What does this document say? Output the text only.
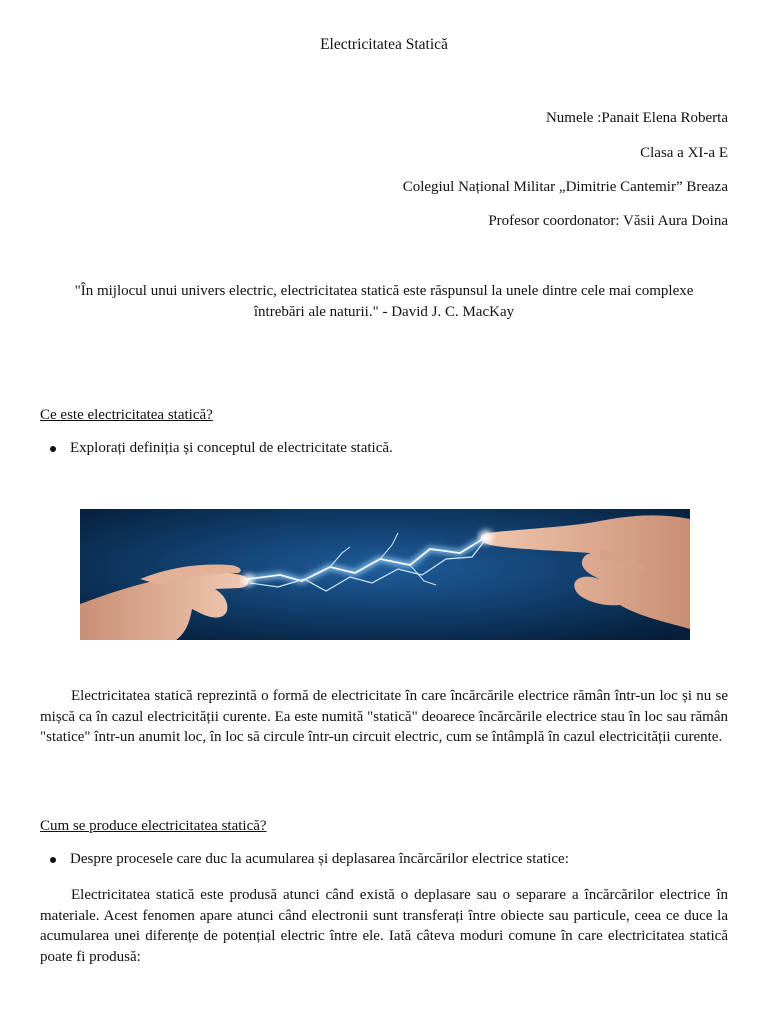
Electricitatea Statică
Numele :Panait Elena Roberta
Clasa a XI-a E
Colegiul Național Militar „Dimitrie Cantemir” Breaza
Profesor coordonator: Văsii Aura Doina
"În mijlocul unui univers electric, electricitatea statică este răspunsul la unele dintre cele mai complexe
întrebări ale naturii." - David J. C. MacKay
Ce este electricitatea statică?
Explorați definiția și conceptul de electricitate statică.
Electricitatea statică reprezintă o formă de electricitate în care încărcările electrice rămân într-un loc și nu se mișcă ca în cazul electricității curente. Ea este numită "statică" deoarece încărcările electrice stau în loc sau rămân "statice" într-un anumit loc, în loc să circule într-un circuit electric, cum se întâmplă în cazul electricității curente.
Cum se produce electricitatea statică?
Despre procesele care duc la acumularea și deplasarea încărcărilor electrice statice:
Electricitatea statică este produsă atunci când există o deplasare sau o separare a încărcărilor electrice în materiale. Acest fenomen apare atunci când electronii sunt transferați între obiecte sau particule, ceea ce duce la acumularea unei diferențe de potențial electric între ele. Iată câteva moduri comune în care electricitatea statică poate fi produsă:
